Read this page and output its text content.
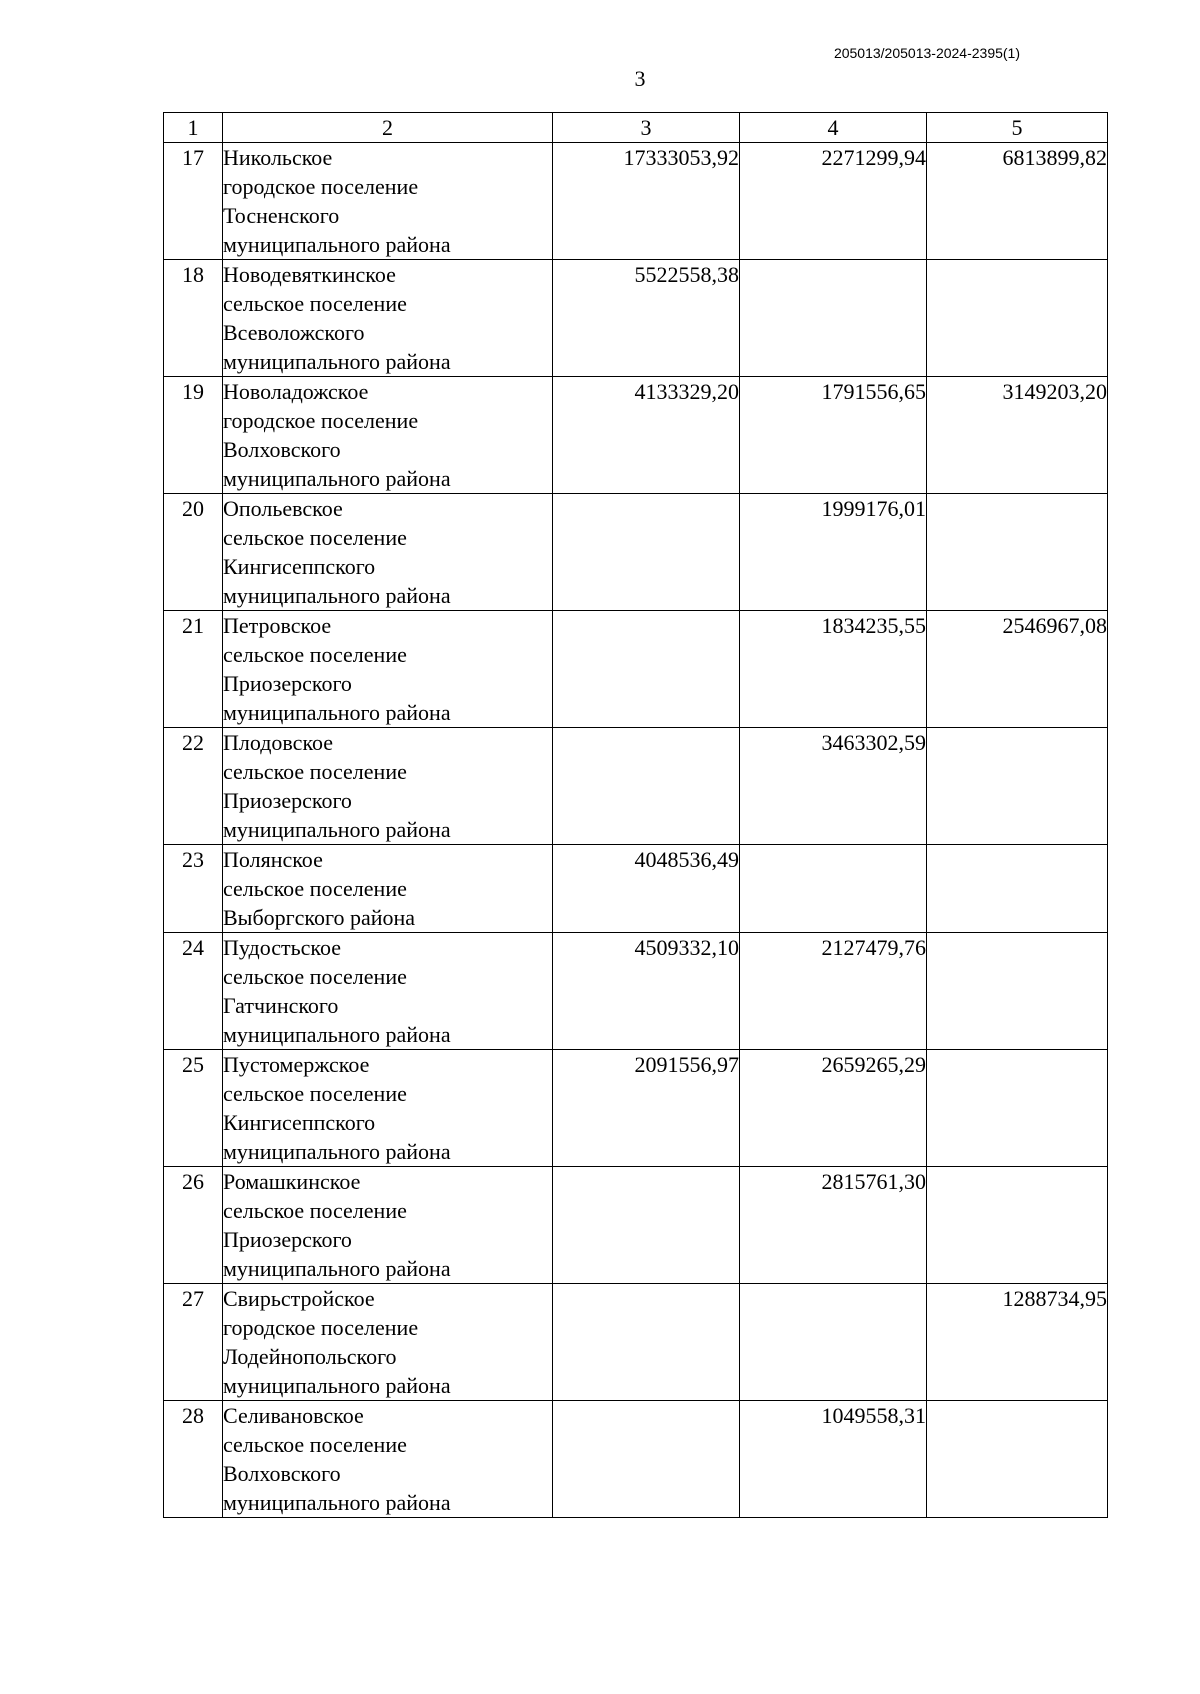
205013/205013-2024-2395(1)
3
1	2	3	4	5
17	Никольское
городское поселение
Тосненского
муниципального района	17333053,92	2271299,94	6813899,82
18	Новодевяткинское
сельское поселение
Всеволожского
муниципального района	5522558,38		
19	Новоладожское
городское поселение
Волховского
муниципального района	4133329,20	1791556,65	3149203,20
20	Опольевское
сельское поселение
Кингисеппского
муниципального района		1999176,01	
21	Петровское
сельское поселение
Приозерского
муниципального района		1834235,55	2546967,08
22	Плодовское
сельское поселение
Приозерского
муниципального района		3463302,59	
23	Полянское
сельское поселение
Выборгского района	4048536,49		
24	Пудостьское
сельское поселение
Гатчинского
муниципального района	4509332,10	2127479,76	
25	Пустомержское
сельское поселение
Кингисеппского
муниципального района	2091556,97	2659265,29	
26	Ромашкинское
сельское поселение
Приозерского
муниципального района		2815761,30	
27	Свирьстройское
городское поселение
Лодейнопольского
муниципального района			1288734,95
28	Селивановское
сельское поселение
Волховского
муниципального района		1049558,31	
